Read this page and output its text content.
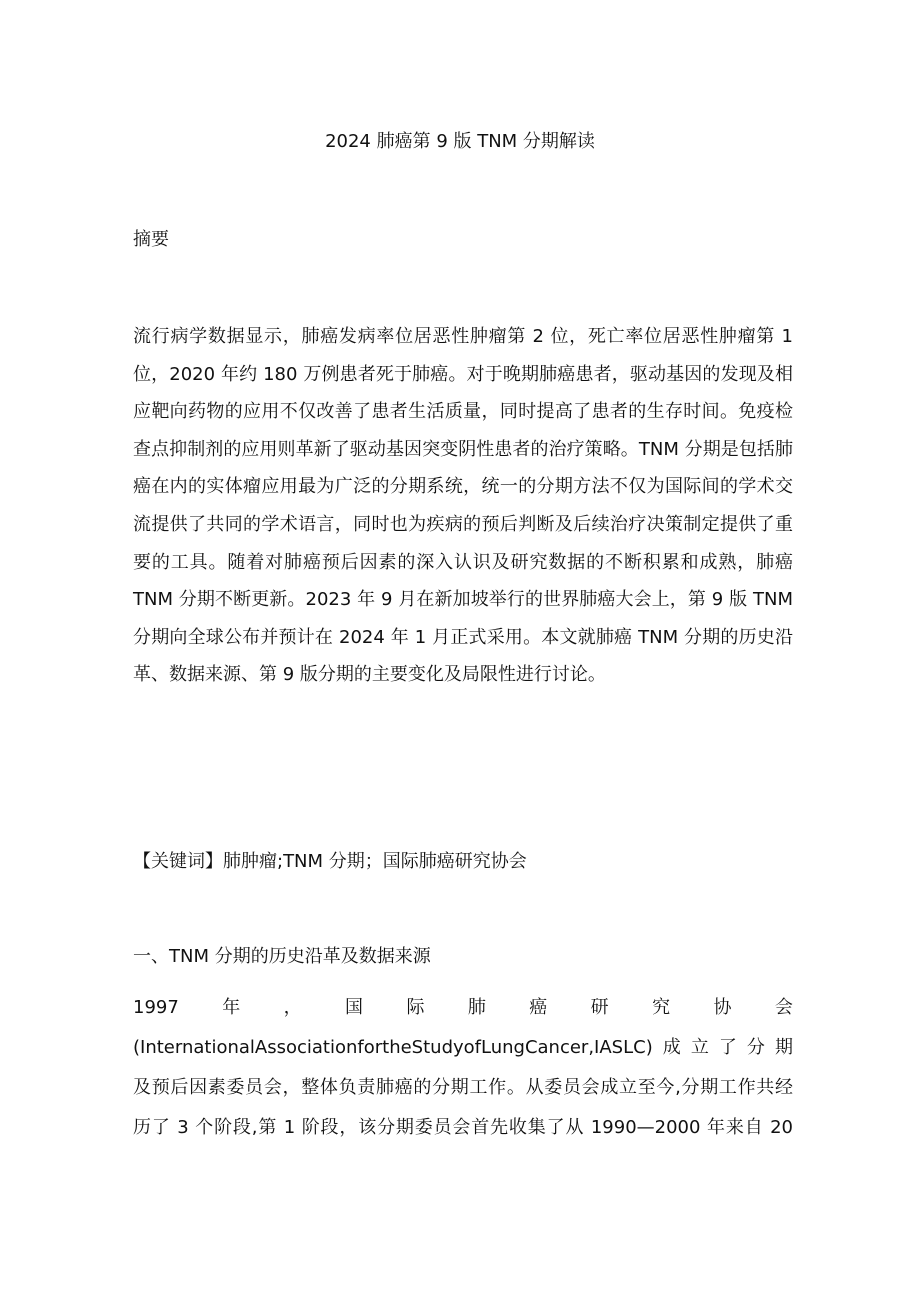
2024 肺癌第 9 版 TNM 分期解读
摘要
流行病学数据显示，肺癌发病率位居恶性肿瘤第 2 位，死亡率位居恶性肿瘤第 1 位，2020 年约 180 万例患者死于肺癌。对于晚期肺癌患者，驱动基因的发现及相应靶向药物的应用不仅改善了患者生活质量，同时提高了患者的生存时间。免疫检查点抑制剂的应用则革新了驱动基因突变阴性患者的治疗策略。TNM 分期是包括肺癌在内的实体瘤应用最为广泛的分期系统，统一的分期方法不仅为国际间的学术交流提供了共同的学术语言，同时也为疾病的预后判断及后续治疗决策制定提供了重要的工具。随着对肺癌预后因素的深入认识及研究数据的不断积累和成熟，肺癌 TNM 分期不断更新。2023 年 9 月在新加坡举行的世界肺癌大会上，第 9 版 TNM 分期向全球公布并预计在 2024 年 1 月正式采用。本文就肺癌 TNM 分期的历史沿革、数据来源、第 9 版分期的主要变化及局限性进行讨论。
【关键词】肺肿瘤;TNM 分期；国际肺癌研究协会
一、TNM 分期的历史沿革及数据来源
1997 年 ， 国 际 肺 癌 研 究 协 会
(InternationalAssociationfortheStudyofLungCancer,IASLC)成立了分期
及预后因素委员会，整体负责肺癌的分期工作。从委员会成立至今,分期工作共经
历了 3 个阶段,第 1 阶段，该分期委员会首先收集了从 1990—2000 年来自 20
